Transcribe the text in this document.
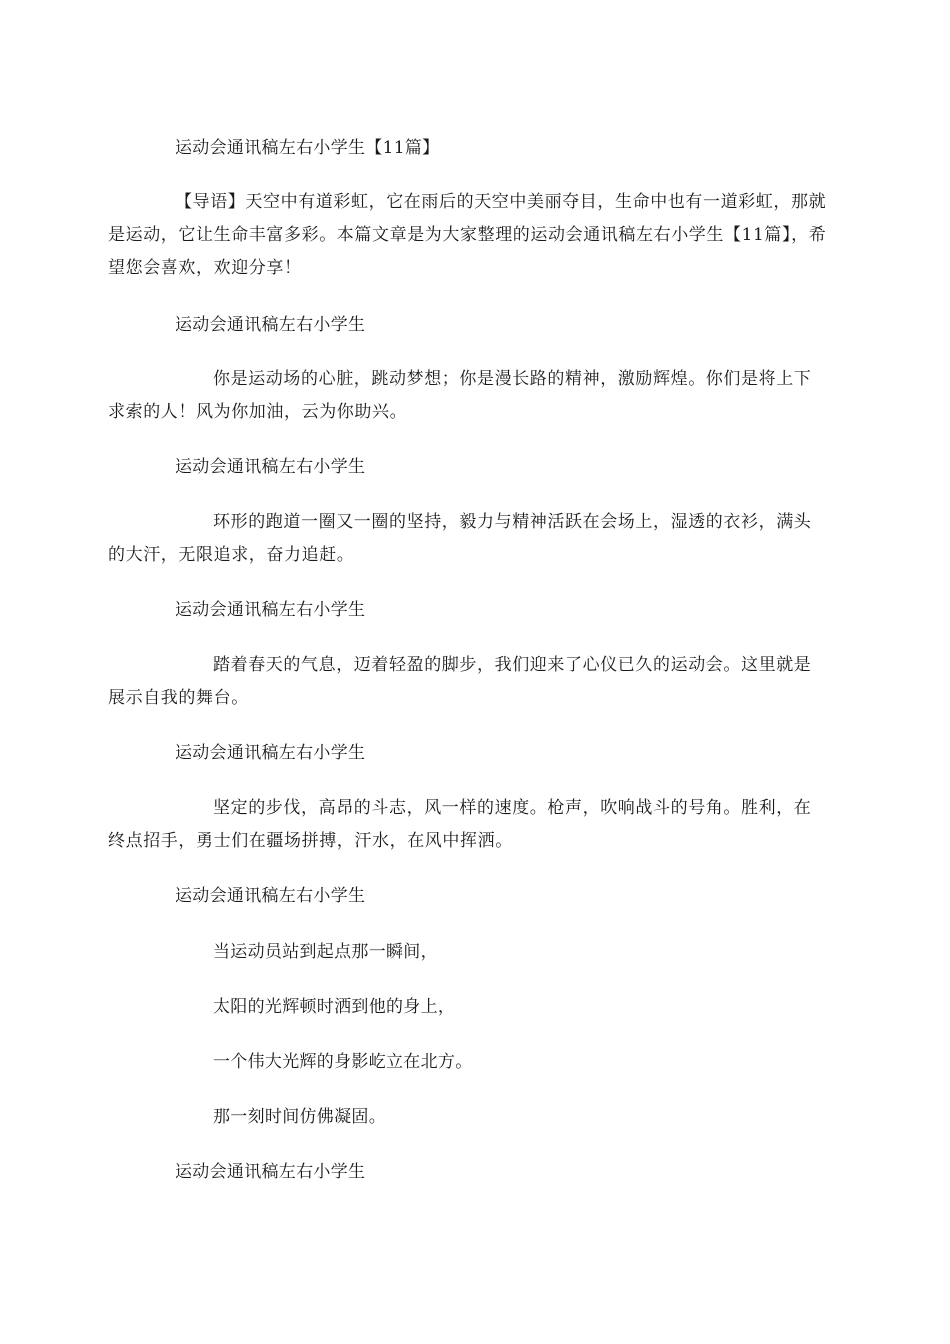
运动会通讯稿左右小学生【11篇】
【导语】天空中有道彩虹，它在雨后的天空中美丽夺目，生命中也有一道彩虹，那就是运动，它让生命丰富多彩。本篇文章是为大家整理的运动会通讯稿左右小学生【11篇】，希望您会喜欢，欢迎分享！
运动会通讯稿左右小学生
你是运动场的心脏，跳动梦想；你是漫长路的精神，激励辉煌。你们是将上下求索的人！风为你加油，云为你助兴。
运动会通讯稿左右小学生
环形的跑道一圈又一圈的坚持，毅力与精神活跃在会场上，湿透的衣衫，满头的大汗，无限追求，奋力追赶。
运动会通讯稿左右小学生
踏着春天的气息，迈着轻盈的脚步，我们迎来了心仪已久的运动会。这里就是展示自我的舞台。
运动会通讯稿左右小学生
坚定的步伐，高昂的斗志，风一样的速度。枪声，吹响战斗的号角。胜利，在终点招手，勇士们在疆场拼搏，汗水，在风中挥洒。
运动会通讯稿左右小学生
当运动员站到起点那一瞬间，
太阳的光辉顿时洒到他的身上，
一个伟大光辉的身影屹立在北方。
那一刻时间仿佛凝固。
运动会通讯稿左右小学生
